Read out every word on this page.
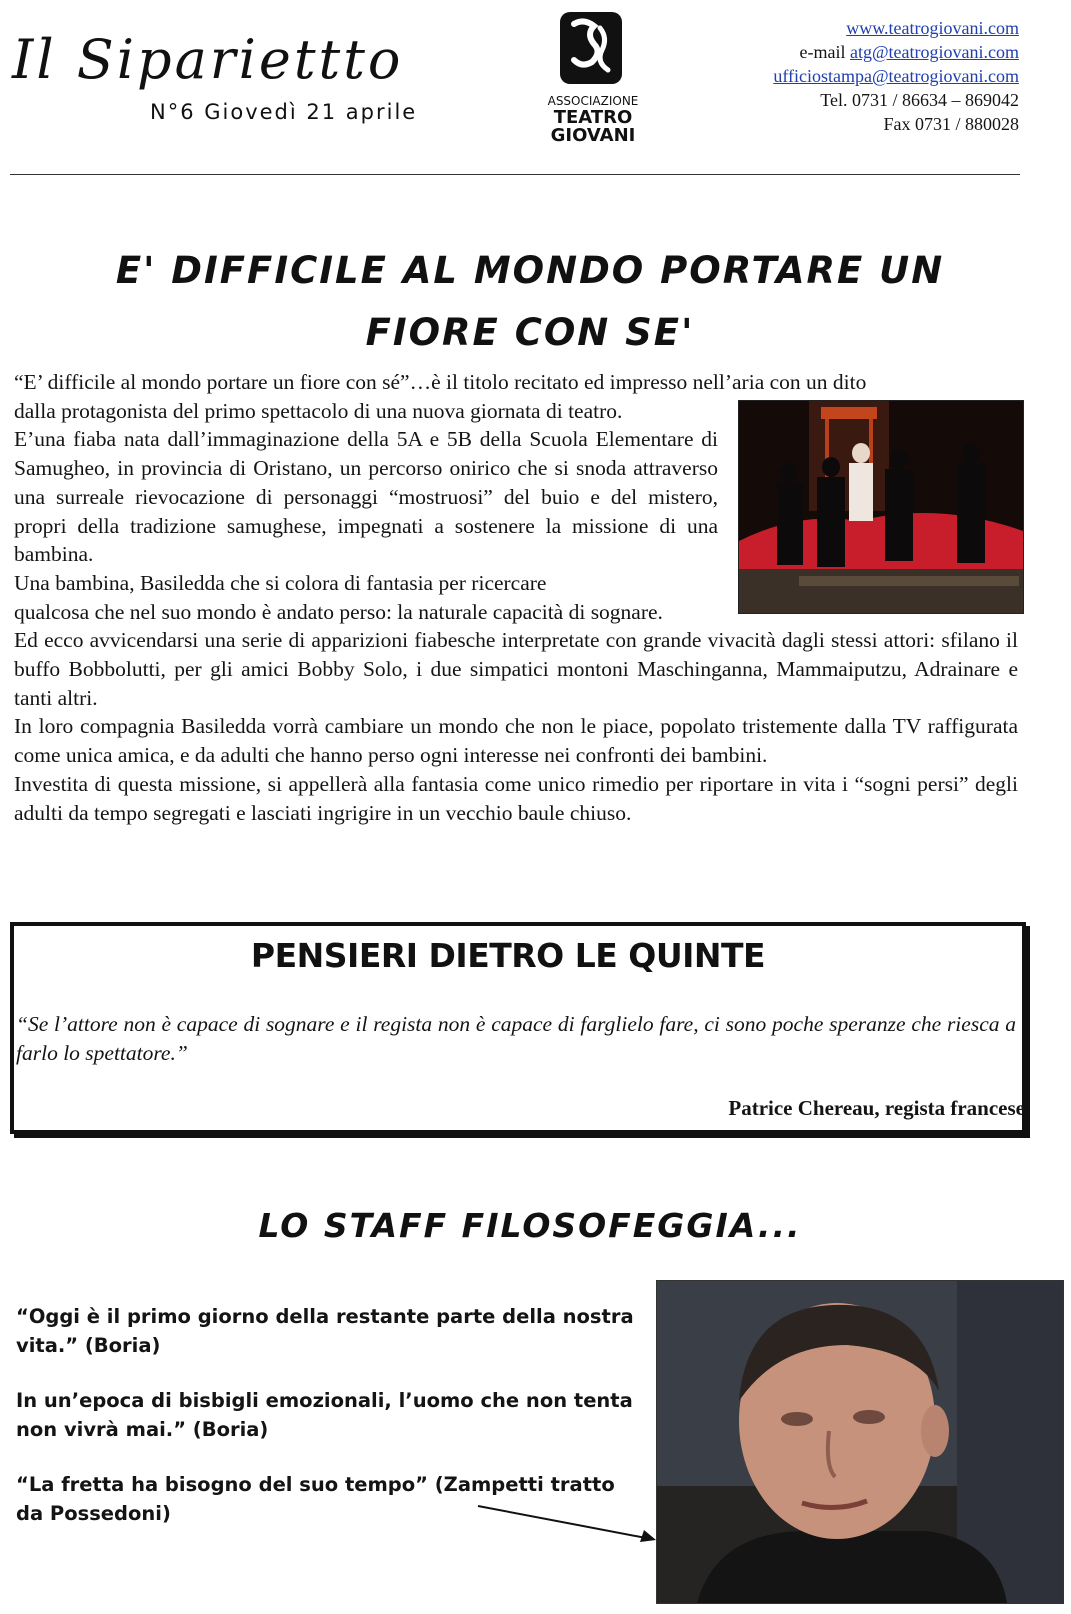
Il Sipariettto
N°6 Giovedì 21 aprile	ASSOCIAZIONE
TEATRO
GIOVANI
www.teatrogiovani.com
e-mail atg@teatrogiovani.com
ufficiostampa@teatrogiovani.com
Tel. 0731 / 86634 – 869042
Fax 0731 / 880028
E' DIFFICILE AL MONDO PORTARE UN
FIORE CON SE'

“E’ difficile al mondo portare un fiore con sé”…è il titolo recitato ed impresso nell’aria con un dito

dalla protagonista del primo spettacolo di una nuova giornata di teatro.

E’una fiaba nata dall’immaginazione della 5A e 5B della Scuola Elementare di Samugheo, in provincia di Oristano, un percorso onirico che si snoda attraverso una surreale rievocazione di personaggi “mostruosi” del buio e del mistero, propri della tradizione samughese, impegnati a sostenere la missione di una bambina.

Una bambina, Basiledda che si colora di fantasia per ricercare

qualcosa che nel suo mondo è andato perso: la naturale capacità di sognare.

Ed ecco avvicendarsi una serie di apparizioni fiabesche interpretate con grande vivacità dagli stessi attori: sfilano il buffo Bobbolutti, per gli amici Bobby Solo, i due simpatici montoni Maschinganna, Mammaiputzu, Adrainare e tanti altri.

In loro compagnia Basiledda vorrà cambiare un mondo che non le piace, popolato tristemente dalla TV raffigurata come unica amica, e da adulti che hanno perso ogni interesse nei confronti dei bambini.

Investita di questa missione, si appellerà alla fantasia come unico rimedio per riportare in vita i “sogni persi” degli adulti da tempo segregati e lasciati ingrigire in un vecchio baule chiuso.

PENSIERI DIETRO LE QUINTE
“Se l’attore non è capace di sognare e il regista non è capace di farglielo fare, ci sono poche speranze che riesca a farlo lo spettatore.”
Patrice Chereau, regista francese
LO STAFF FILOSOFEGGIA...
“Oggi è il primo giorno della restante parte della nostra vita.” (Boria)
In un’epoca di bisbigli emozionali, l’uomo che non tenta non vivrà mai.” (Boria)
“La fretta ha bisogno del suo tempo” (Zampetti tratto da Possedoni)
